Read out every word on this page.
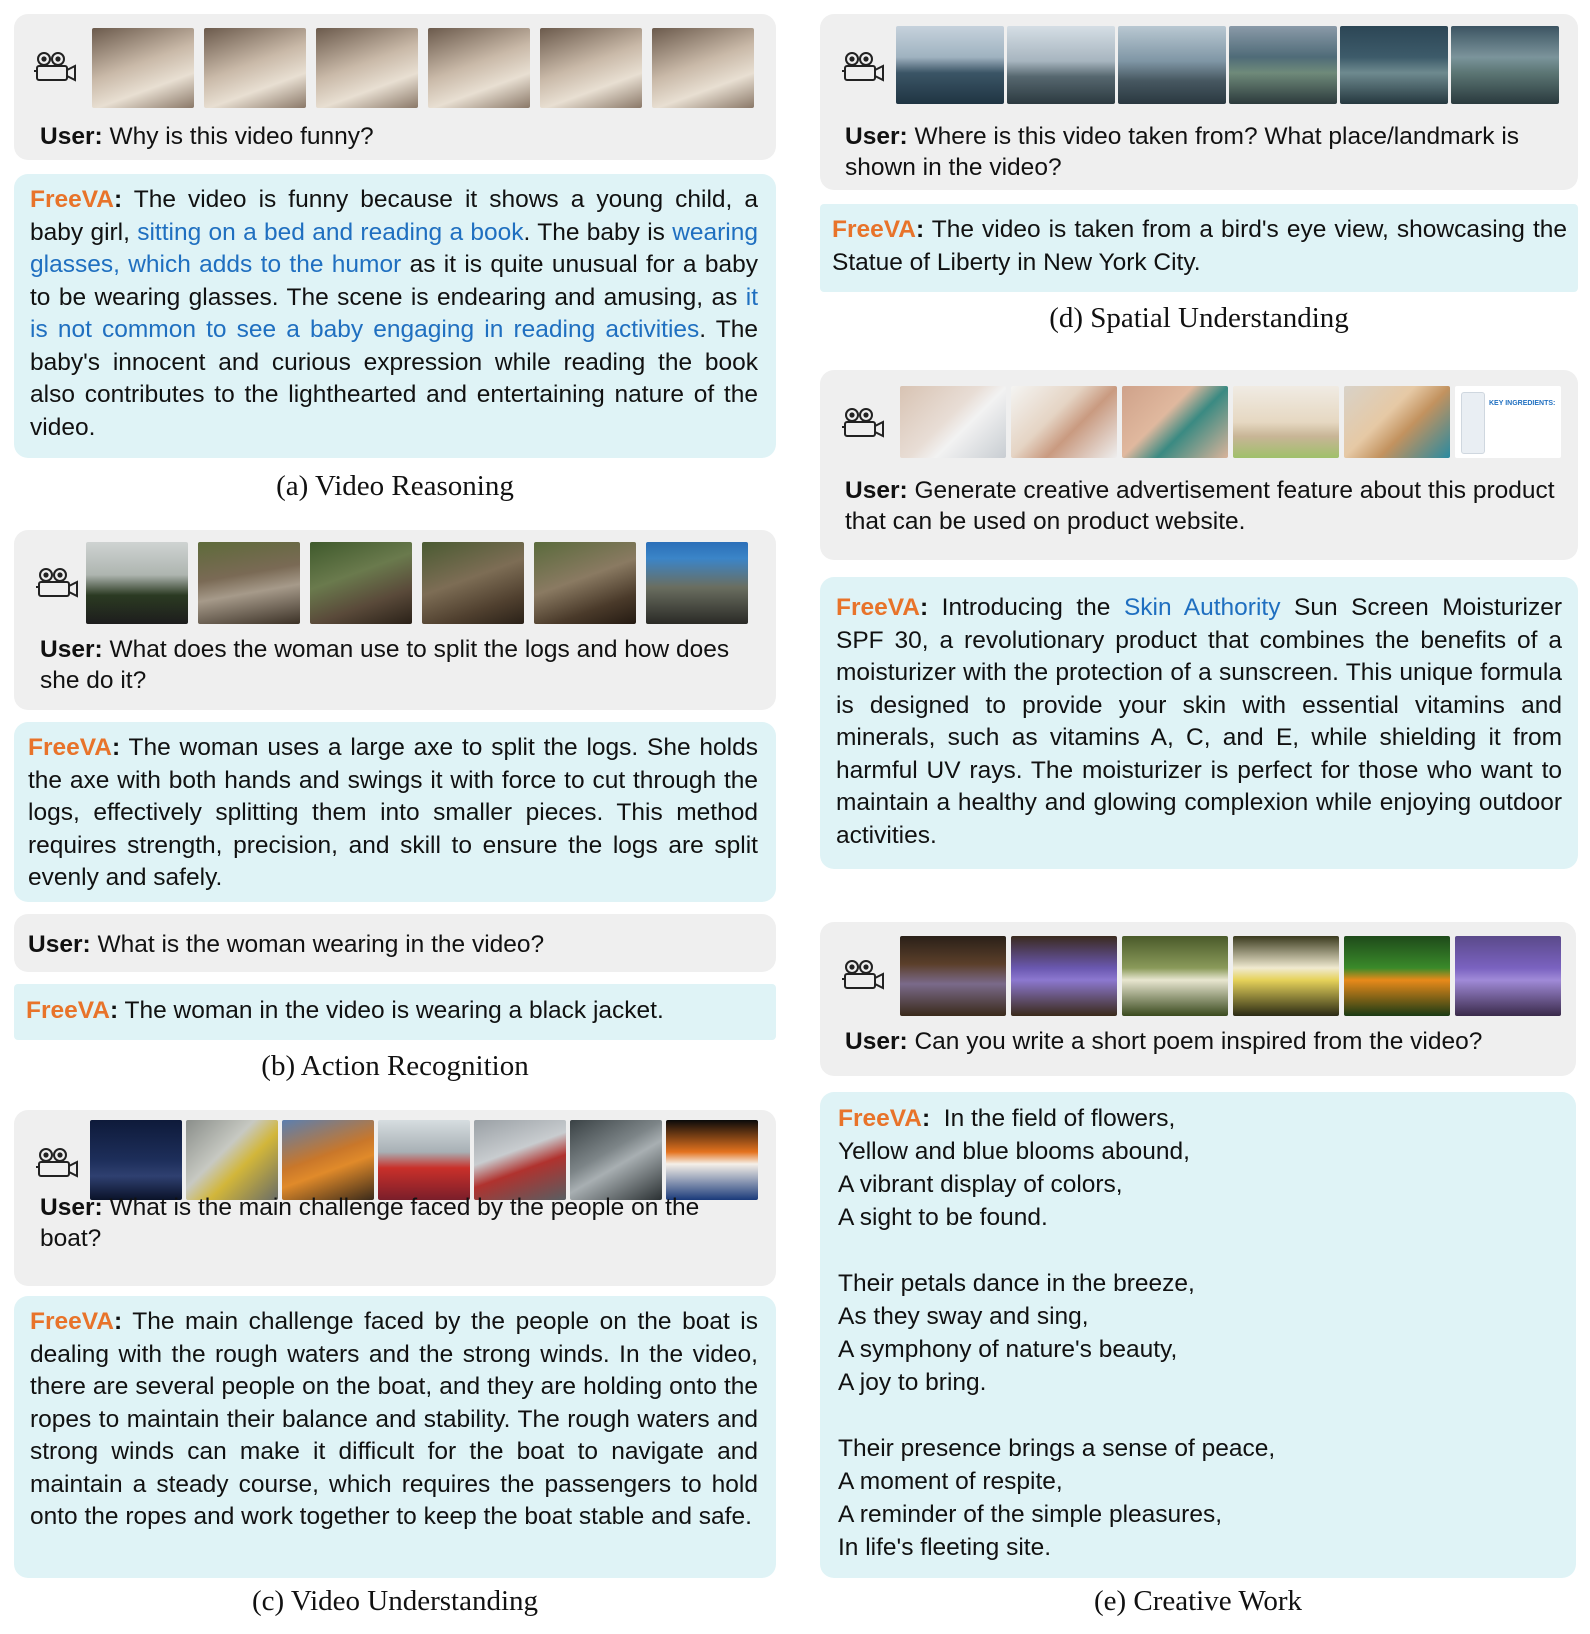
User: Why is this video funny?
FreeVA: The video is funny because it shows a young child, a baby girl, sitting on a bed and reading a book. The baby is wearing glasses, which adds to the humor as it is quite unusual for a baby to be wearing glasses. The scene is endearing and amusing, as it is not common to see a baby engaging in reading activities. The baby's innocent and curious expression while reading the book also contributes to the lighthearted and entertaining nature of the video.
(a) Video Reasoning
User: What does the woman use to split the logs and how does she do it?
FreeVA: The woman uses a large axe to split the logs. She holds the axe with both hands and swings it with force to cut through the logs, effectively splitting them into smaller pieces. This method requires strength, precision, and skill to ensure the logs are split evenly and safely.
User: What is the woman wearing in the video?
FreeVA: The woman in the video is wearing a black jacket.
(b) Action Recognition
User: What is the main challenge faced by the people on the boat?
FreeVA: The main challenge faced by the people on the boat is dealing with the rough waters and the strong winds. In the video, there are several people on the boat, and they are holding onto the ropes to maintain their balance and stability. The rough waters and strong winds can make it difficult for the boat to navigate and maintain a steady course, which requires the passengers to hold onto the ropes and work together to keep the boat stable and safe.
(c) Video Understanding
User: Where is this video taken from? What place/landmark is shown in the video?
FreeVA: The video is taken from a bird's eye view, showcasing the Statue of Liberty in New York City.
(d) Spatial Understanding
KEY INGREDIENTS:
User: Generate creative advertisement feature about this product that can be used on product website.
FreeVA: Introducing the Skin Authority Sun Screen Moisturizer SPF 30, a revolutionary product that combines the benefits of a moisturizer with the protection of a sunscreen. This unique formula is designed to provide your skin with essential vitamins and minerals, such as vitamins A, C, and E, while shielding it from harmful UV rays. The moisturizer is perfect for those who want to maintain a healthy and glowing complexion while enjoying outdoor activities.
User: Can you write a short poem inspired from the video?
FreeVA: In the field of flowers,
Yellow and blue blooms abound,
A vibrant display of colors,
A sight to be found.
Their petals dance in the breeze,
As they sway and sing,
A symphony of nature's beauty,
A joy to bring.
Their presence brings a sense of peace,
A moment of respite,
A reminder of the simple pleasures,
In life's fleeting site.
(e) Creative Work
